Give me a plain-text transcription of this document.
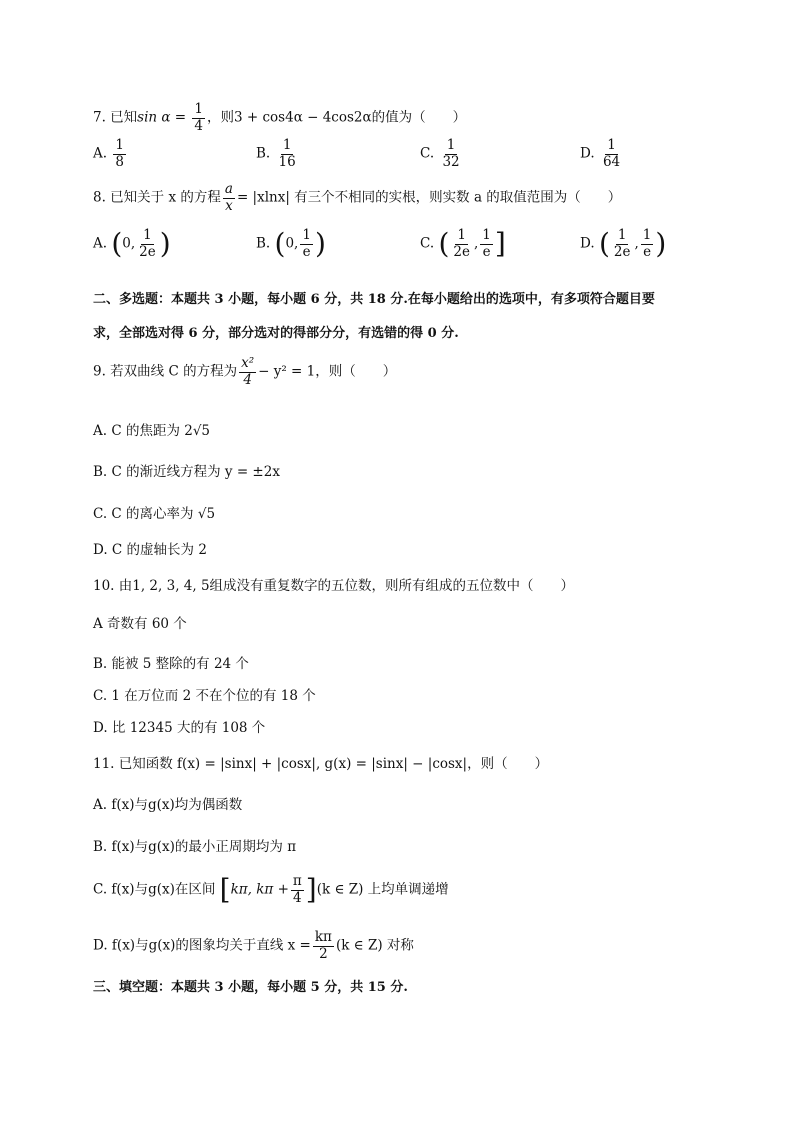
7. 已知$\sin \alpha = \frac{1}{4}$ ，则3 + cos4α − 4cos2α的值为（　　）
A. $\frac{1}{8}$	B. $\frac{1}{16}$	C. $\frac{1}{32}$	D. $\frac{1}{64}$
8. 已知关于 x 的方程 $\frac{a}{x} = |xlnx|$ 有三个不相同的实根，则实数 a 的取值范围为（　　）
A. (0, $\frac{1}{2e}$ )	B. (0, $\frac{1}{e}$ )	C. ( $\frac{1}{2e}$ , $\frac{1}{e}$ ]	D. ( $\frac{1}{2e}$ , $\frac{1}{e}$ )
二、多选题：本题共 3 小题，每小题 6 分，共 18 分.在每小题给出的选项中，有多项符合题目要
求，全部选对得 6 分，部分选对的得部分分，有选错的得 0 分.
9. 若双曲线 C 的方程为 $\frac{\text{x²}}{4} - y^2 = 1$，则（　　）
A. C 的焦距为 2√5
B. C 的渐近线方程为 y = ±2x
C. C 的离心率为 √5
D. C 的虚轴长为 2
10. 由1, 2, 3, 4, 5组成没有重复数字的五位数，则所有组成的五位数中（　　）
A 奇数有 60 个
B. 能被 5 整除的有 24 个
C. 1 在万位而 2 不在个位的有 18 个
D. 比 12345 大的有 108 个
11. 已知函数 f(x) = |sinx| + |cosx|, g(x) = |sinx| − |cosx|，则（　　）
A. f(x)与g(x)均为偶函数
B. f(x)与g(x)的最小正周期均为 π
C. f(x)与g(x)在区间 [kπ, $k\pi + \frac{\pi}{4} ](k$ ∈ Z) 上均单调递增
D. f(x)与g(x)的图象均关于直线 $x = \frac{k\pi}{2} (k$ ∈ Z) 对称
三、填空题：本题共 3 小题，每小题 5 分，共 15 分.
